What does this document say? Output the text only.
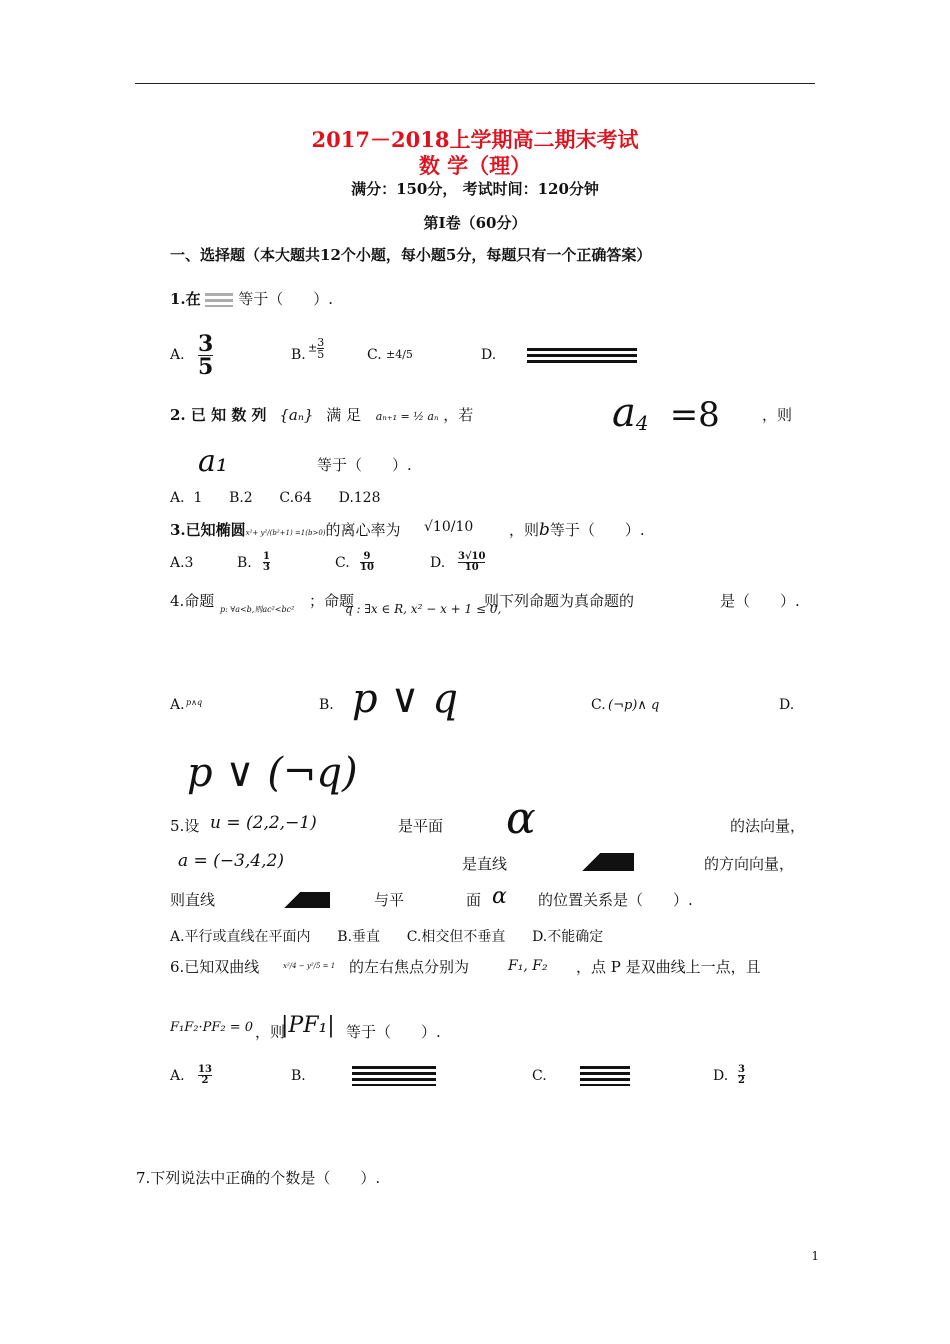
2017－2018上学期高二期末考试
数 学（理）
满分：150分， 考试时间：120分钟
第Ⅰ卷（60分）
一、选择题（本大题共12个小题，每小题5分，每题只有一个正确答案）
1.在	等于（　　）.
A. $\frac{3}{5}$	B. ± $\frac{3}{5}$	C. ±4/5	D.
2. 已 知 数 列 {aₙ} 满 足 aₙ₊₁ = ½ aₙ ，若	$a_4 =8$	，则
a₁	等于（　　）.
A.  1      B.2      C.64      D.128
3.已知椭圆x²+ y²/(b²+1) =1(b>0)的离心率为 √10/10 ，则b等于（　　）.
A.3	B. $\frac{1}{3}$	C. $\frac{9}{10}$	D. $\frac{3√10}{10}$
4.命题 p: ∀a<b,则ac²<bc² ；命题
q : ∃x ∈ R, x² − x + 1 ≤ 0,
则下列命题为真命题的	是（　　）.
A. p∧q	B. p ∨ q	C. (¬p)∧ q	D.
p ∨ (¬q)
5.设 u = (2,2,−1)	是平面 α	的法向量，
a = (−3,4,2)	是直线	的方向向量，
则直线	与平	面 α 的位置关系是（　　）.
A.平行或直线在平面内      B.垂直      C.相交但不垂直      D.不能确定
6.已知双曲线	x²/4 − y²/5 = 1 的左右焦点分别为	F₁, F₂ ，点 P 是双曲线上一点，且
F₁F₂·PF₂ = 0 ，则
|PF₁| 等于（　　）.
A. $\frac{13}{2}$	B.	C.	D. $\frac{3}{2}$
7.下列说法中正确的个数是（　　）.
1
